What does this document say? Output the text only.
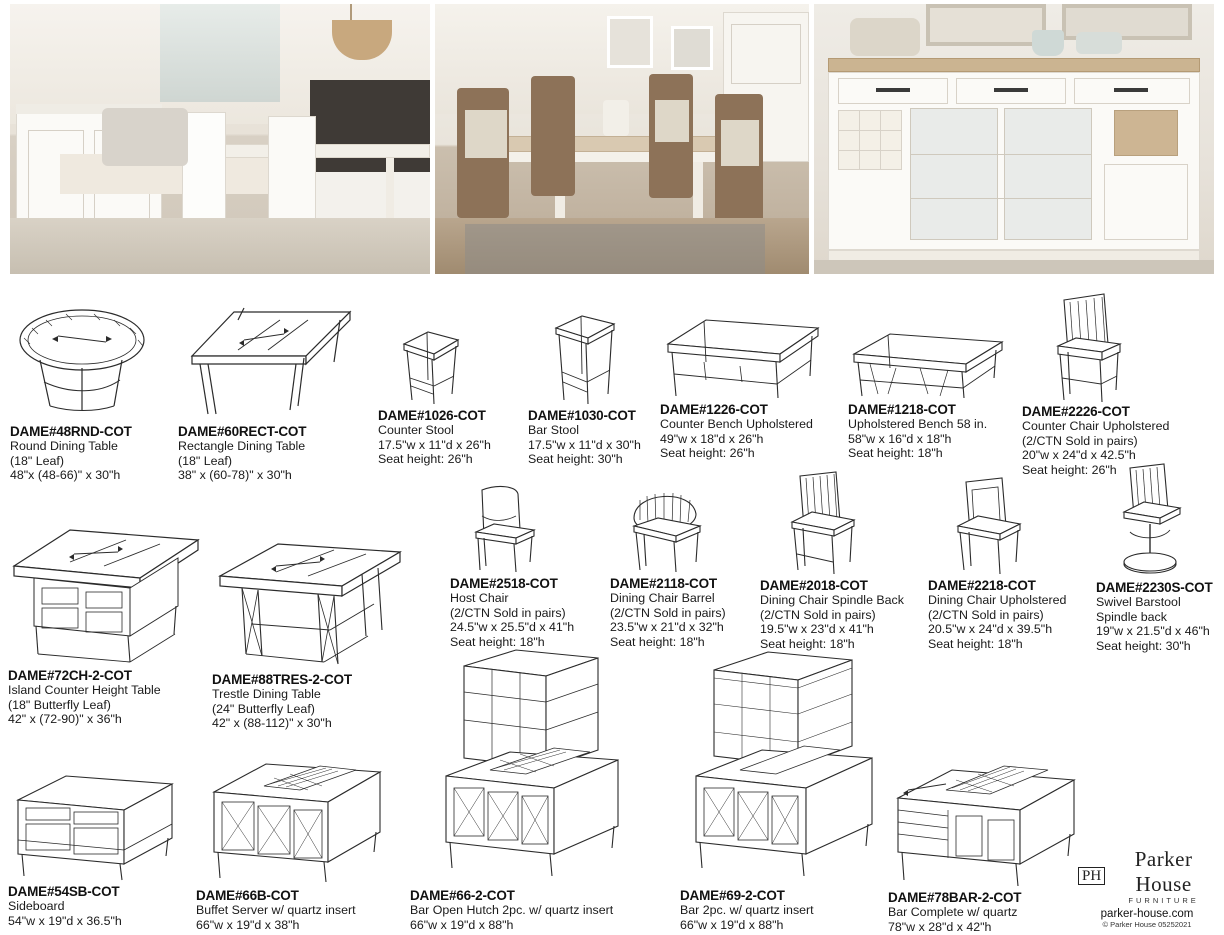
DAME#48RND-COT
Round Dining Table
(18" Leaf)
48"x (48-66)" x 30"h
DAME#60RECT-COT
Rectangle Dining Table
(18" Leaf)
38" x (60-78)" x 30"h
DAME#1026-COT
Counter Stool
17.5"w x 11"d x 26"h
Seat height: 26"h
DAME#1030-COT
Bar Stool
17.5"w x 11"d x 30"h
Seat height: 30"h
DAME#1226-COT
Counter Bench Upholstered
49"w x 18"d x 26"h
Seat height: 26"h
DAME#1218-COT
Upholstered Bench 58 in.
58"w x 16"d x 18"h
Seat height: 18"h
DAME#2226-COT
Counter Chair Upholstered
(2/CTN Sold in pairs)
20"w x 24"d x 42.5"h
Seat height: 26"h
DAME#72CH-2-COT
Island Counter Height Table
(18" Butterfly Leaf)
42" x (72-90)" x 36"h
DAME#88TRES-2-COT
Trestle Dining Table
(24" Butterfly Leaf)
42" x (88-112)" x 30"h
DAME#2518-COT
Host Chair
(2/CTN Sold in pairs)
24.5"w x 25.5"d x 41"h
Seat height: 18"h
DAME#2118-COT
Dining Chair Barrel
(2/CTN Sold in pairs)
23.5"w x 21"d x 32"h
Seat height: 18"h
DAME#2018-COT
Dining Chair Spindle Back
(2/CTN Sold in pairs)
19.5"w x 23"d x 41"h
Seat height: 18"h
DAME#2218-COT
Dining Chair Upholstered
(2/CTN Sold in pairs)
20.5"w x 24"d x 39.5"h
Seat height: 18"h
DAME#2230S-COT
Swivel Barstool
Spindle back
19"w x 21.5"d x 46"h
Seat height: 30"h
DAME#54SB-COT
Sideboard
54"w x 19"d x 36.5"h
DAME#66B-COT
Buffet Server w/ quartz insert
66"w x 19"d x 38"h
DAME#66-2-COT
Bar Open Hutch 2pc. w/ quartz insert
66"w x 19"d x 88"h
DAME#69-2-COT
Bar 2pc. w/ quartz insert
66"w x 19"d x 88"h
DAME#78BAR-2-COT
Bar Complete w/ quartz
78"w x 28"d x 42"h
PH
Parker House
FURNITURE
parker-house.com
© Parker House 05252021
